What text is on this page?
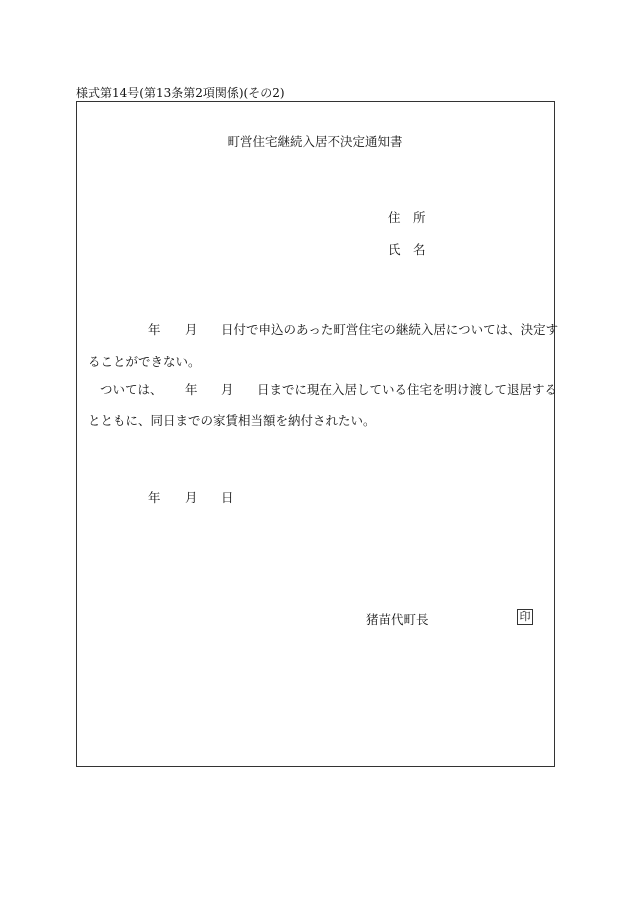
様式第14号(第13条第2項関係)(その2)
町営住宅継続入居不決定通知書
住　所
氏　名
年 月 日付で申込のあった町営住宅の継続入居については、決定す
ることができない。
ついては、 年 月 日までに現在入居している住宅を明け渡して退居する
とともに、同日までの家賃相当額を納付されたい。
年 月 日
猪苗代町長	印
